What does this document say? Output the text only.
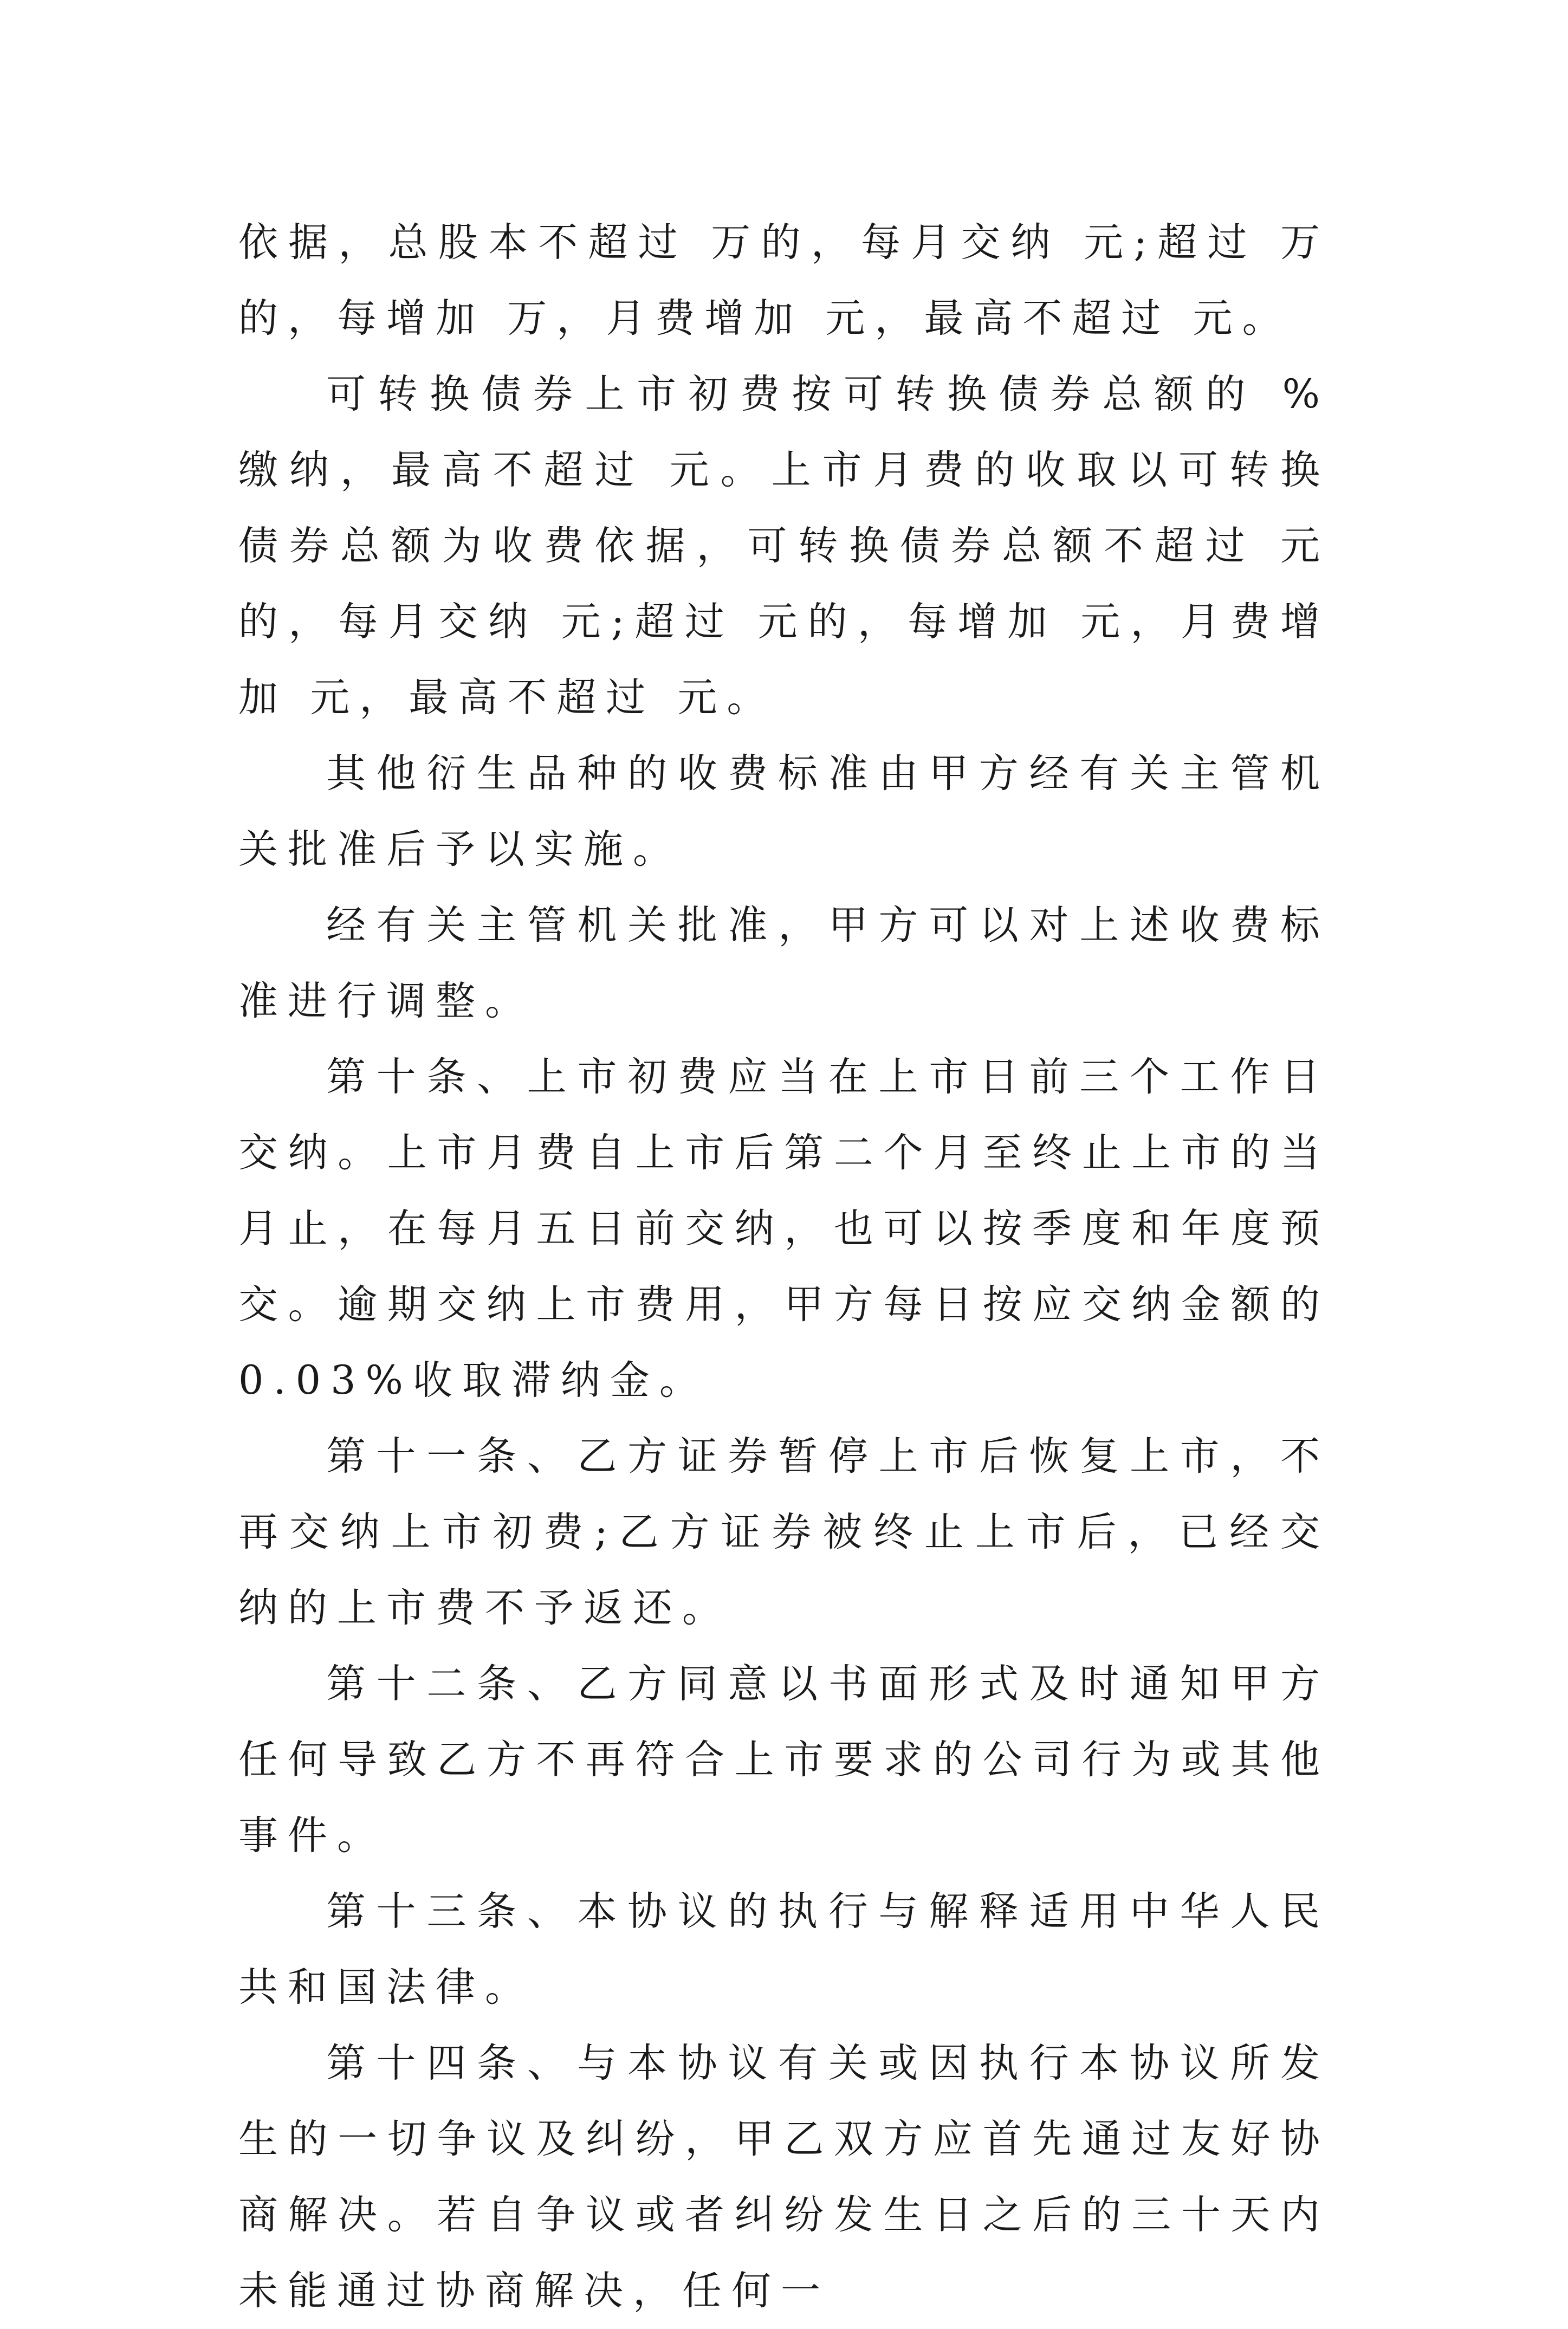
依据，总股本不超过 万的，每月交纳 元;超过 万的，每增加 万，月费增加 元，最高不超过 元。

可转换债券上市初费按可转换债券总额的 %缴纳，最高不超过 元。上市月费的收取以可转换债券总额为收费依据，可转换债券总额不超过 元的，每月交纳 元;超过 元的，每增加 元，月费增加 元，最高不超过 元。

其他衍生品种的收费标准由甲方经有关主管机关批准后予以实施。

经有关主管机关批准，甲方可以对上述收费标准进行调整。

第十条、上市初费应当在上市日前三个工作日交纳。上市月费自上市后第二个月至终止上市的当月止，在每月五日前交纳，也可以按季度和年度预交。逾期交纳上市费用，甲方每日按应交纳金额的0.03%收取滞纳金。

第十一条、乙方证券暂停上市后恢复上市，不再交纳上市初费;乙方证券被终止上市后，已经交纳的上市费不予返还。

第十二条、乙方同意以书面形式及时通知甲方任何导致乙方不再符合上市要求的公司行为或其他事件。

第十三条、本协议的执行与解释适用中华人民共和国法律。

第十四条、与本协议有关或因执行本协议所发生的一切争议及纠纷，甲乙双方应首先通过友好协商解决。若自争议或者纠纷发生日之后的三十天内未能通过协商解决，任何一
